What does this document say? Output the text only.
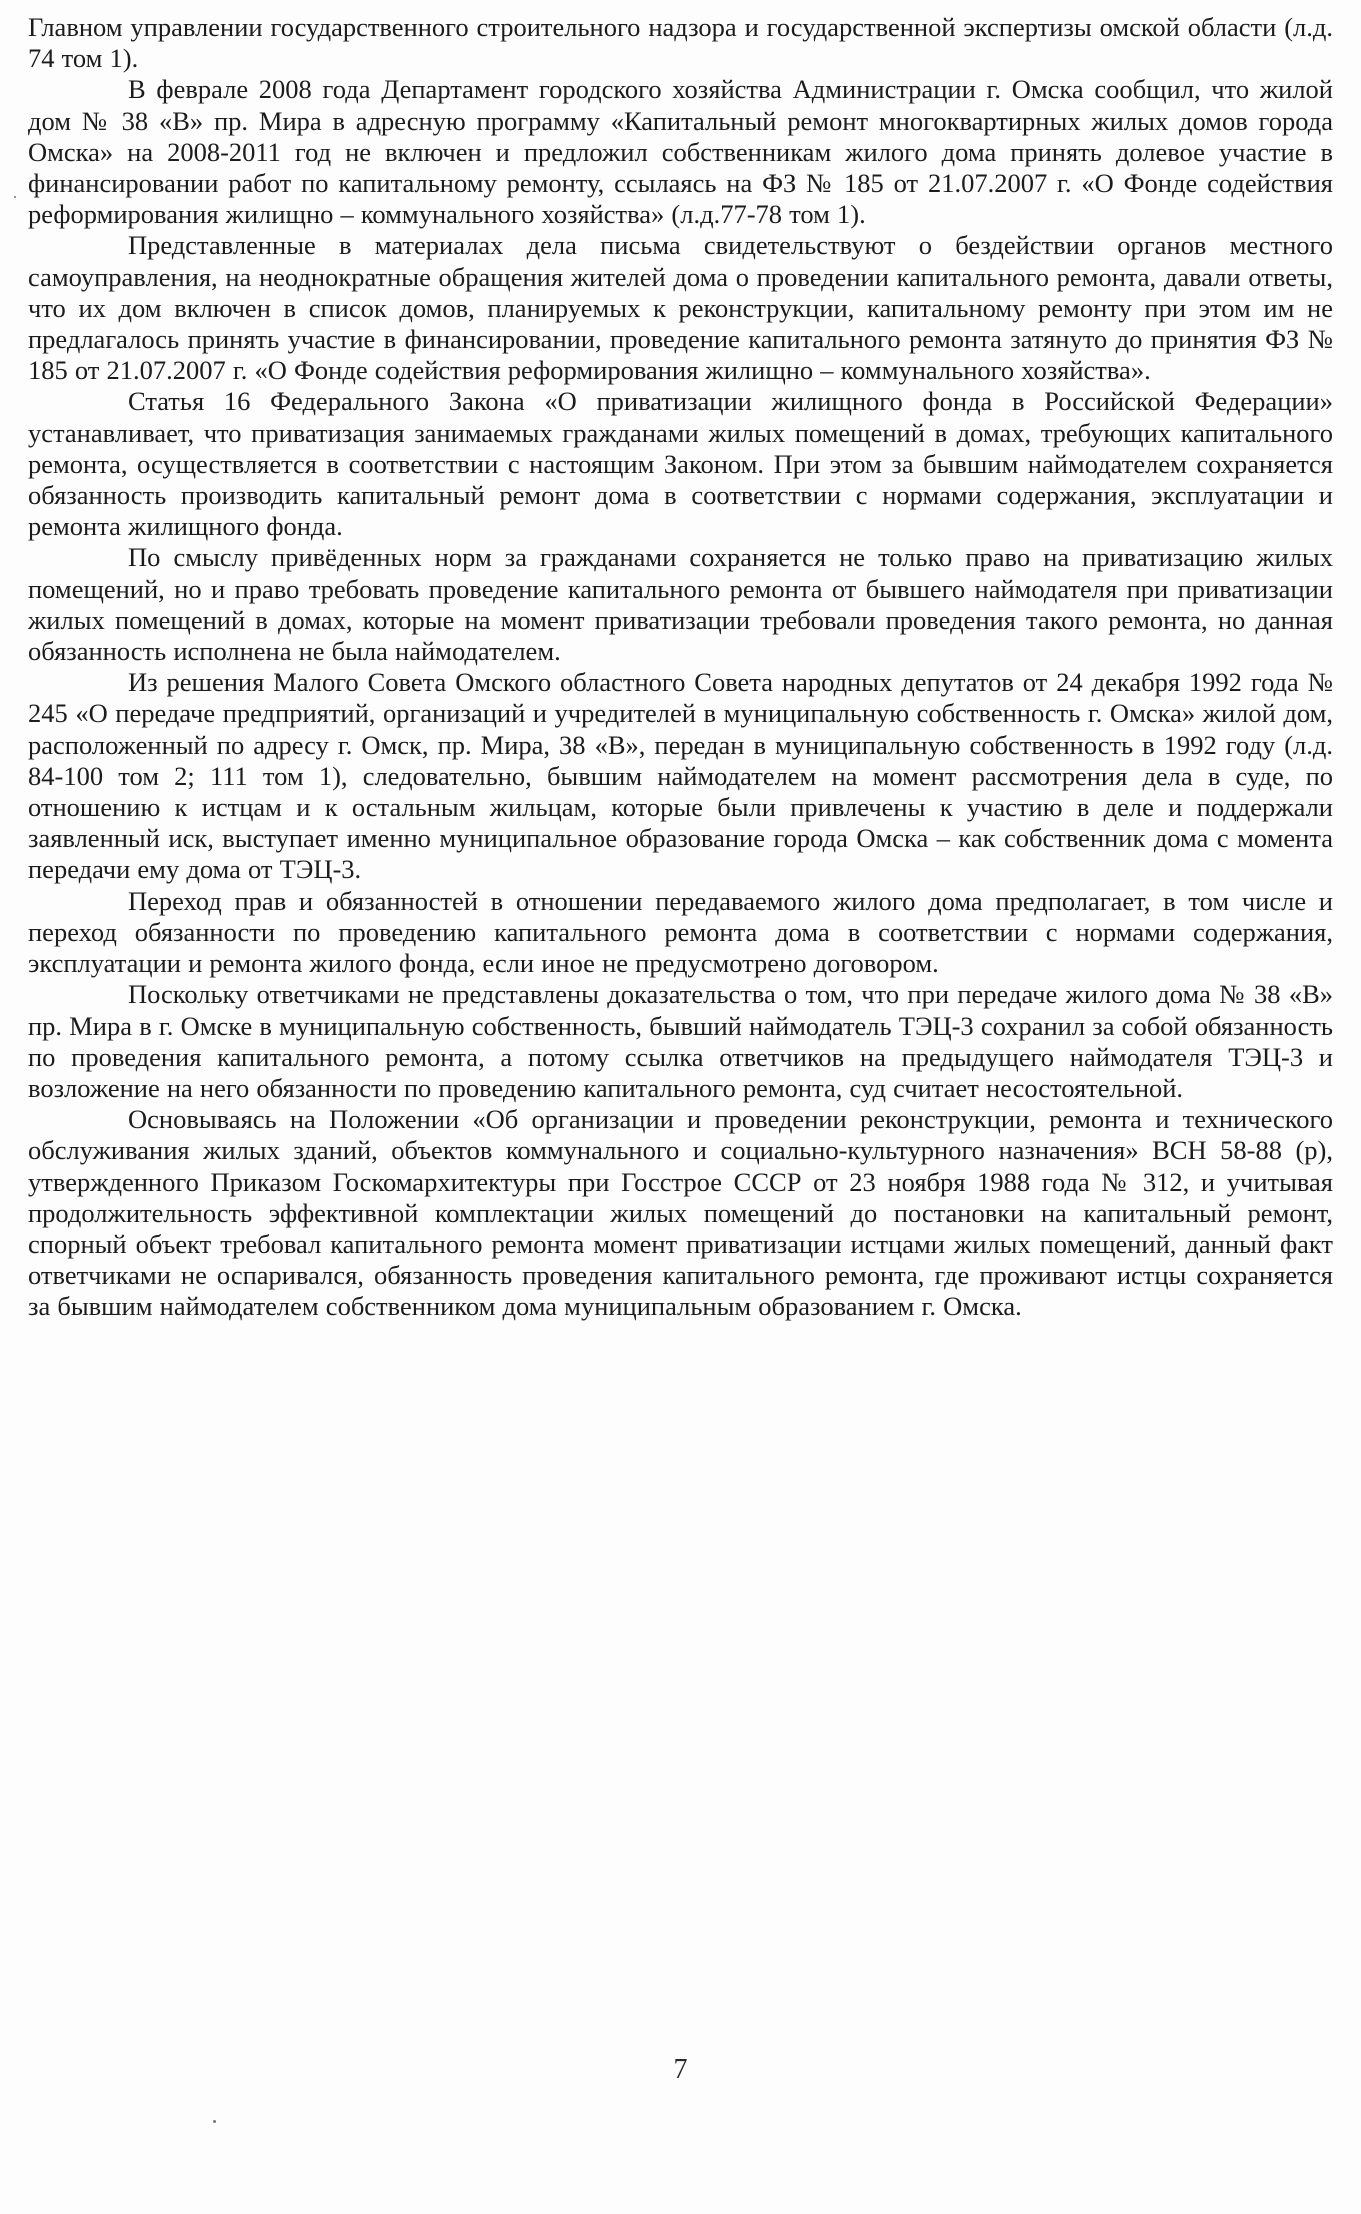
Главном управлении государственного строительного надзора и государственной экспертизы омской области (л.д. 74 том 1).

В феврале 2008 года Департамент городского хозяйства Администрации г. Омска сообщил, что жилой дом № 38 «В» пр. Мира в адресную программу «Капитальный ремонт многоквартирных жилых домов города Омска» на 2008-2011 год не включен и предложил собственникам жилого дома принять долевое участие в финансировании работ по капитальному ремонту, ссылаясь на ФЗ № 185 от 21.07.2007 г. «О Фонде содействия реформирования жилищно – коммунального хозяйства» (л.д.77-78 том 1).

Представленные в материалах дела письма свидетельствуют о бездействии органов местного самоуправления, на неоднократные обращения жителей дома о проведении капитального ремонта, давали ответы, что их дом включен в список домов, планируемых к реконструкции, капитальному ремонту при этом им не предлагалось принять участие в финансировании, проведение капитального ремонта затянуто до принятия ФЗ № 185 от 21.07.2007 г. «О Фонде содействия реформирования жилищно – коммунального хозяйства».

Статья 16 Федерального Закона «О приватизации жилищного фонда в Российской Федерации» устанавливает, что приватизация занимаемых гражданами жилых помещений в домах, требующих капитального ремонта, осуществляется в соответствии с настоящим Законом. При этом за бывшим наймодателем сохраняется обязанность производить капитальный ремонт дома в соответствии с нормами содержания, эксплуатации и ремонта жилищного фонда.

По смыслу привёденных норм за гражданами сохраняется не только право на приватизацию жилых помещений, но и право требовать проведение капитального ремонта от бывшего наймодателя при приватизации жилых помещений в домах, которые на момент приватизации требовали проведения такого ремонта, но данная обязанность исполнена не была наймодателем.

Из решения Малого Совета Омского областного Совета народных депутатов от 24 декабря 1992 года № 245 «О передаче предприятий, организаций и учредителей в муниципальную собственность г. Омска» жилой дом, расположенный по адресу г. Омск, пр. Мира, 38 «В», передан в муниципальную собственность в 1992 году (л.д. 84-100 том 2; 111 том 1), следовательно, бывшим наймодателем на момент рассмотрения дела в суде, по отношению к истцам и к остальным жильцам, которые были привлечены к участию в деле и поддержали заявленный иск, выступает именно муниципальное образование города Омска – как собственник дома с момента передачи ему дома от ТЭЦ-3.

Переход прав и обязанностей в отношении передаваемого жилого дома предполагает, в том числе и переход обязанности по проведению капитального ремонта дома в соответствии с нормами содержания, эксплуатации и ремонта жилого фонда, если иное не предусмотрено договором.

Поскольку ответчиками не представлены доказательства о том, что при передаче жилого дома № 38 «В» пр. Мира в г. Омске в муниципальную собственность, бывший наймодатель ТЭЦ-3 сохранил за собой обязанность по проведения капитального ремонта, а потому ссылка ответчиков на предыдущего наймодателя ТЭЦ-3 и возложение на него обязанности по проведению капитального ремонта, суд считает несостоятельной.

Основываясь на Положении «Об организации и проведении реконструкции, ремонта и технического обслуживания жилых зданий, объектов коммунального и социально-культурного назначения» ВСН 58-88 (р), утвержденного Приказом Госкомархитектуры при Госстрое СССР от 23 ноября 1988 года № 312, и учитывая продолжительность эффективной комплектации жилых помещений до постановки на капитальный ремонт, спорный объект требовал капитального ремонта момент приватизации истцами жилых помещений, данный факт ответчиками не оспаривался, обязанность проведения капитального ремонта, где проживают истцы сохраняется за бывшим наймодателем собственником дома муниципальным образованием г. Омска.

7
